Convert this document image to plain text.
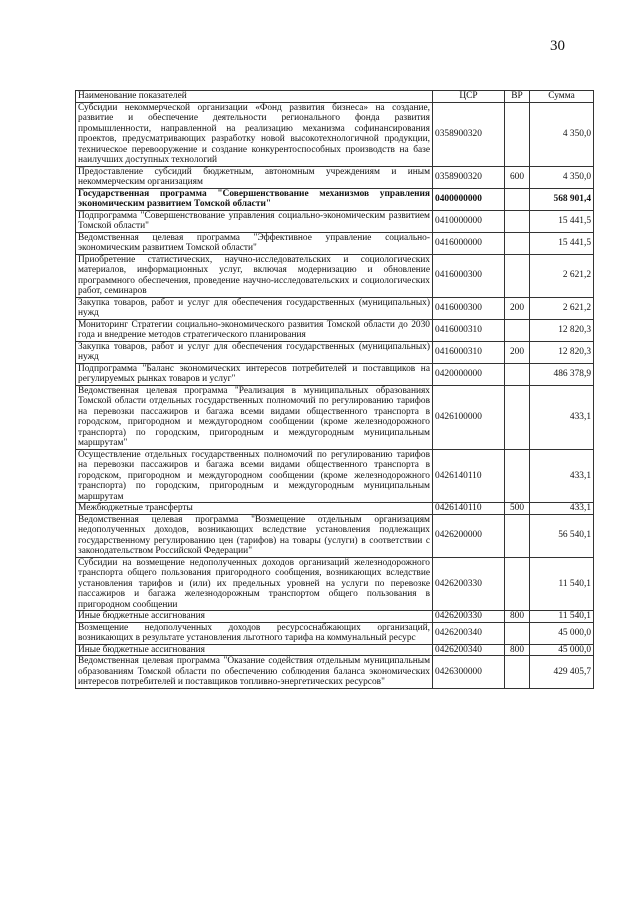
30
Наименование показателей	ЦСР	ВР	Сумма
Субсидии некоммерческой организации «Фонд развития бизнеса» на создание, развитие и обеспечение деятельности регионального фонда развития промышленности, направленной на реализацию механизма софинансирования проектов, предусматривающих разработку новой высокотехнологичной продукции, техническое перевооружение и создание конкурентоспособных производств на базе наилучших доступных технологий	0358900320		4 350,0
Предоставление субсидий бюджетным, автономным учреждениям и иным некоммерческим организациям	0358900320	600	4 350,0
Государственная программа "Совершенствование механизмов управления экономическим развитием Томской области"	0400000000		568 901,4
Подпрограмма "Совершенствование управления социально-экономическим развитием Томской области"	0410000000		15 441,5
Ведомственная целевая программа "Эффективное управление социально-экономическим развитием Томской области"	0416000000		15 441,5
Приобретение статистических, научно-исследовательских и социологических материалов, информационных услуг, включая модернизацию и обновление программного обеспечения, проведение научно-исследовательских и социологических работ, семинаров	0416000300		2 621,2
Закупка товаров, работ и услуг для обеспечения государственных (муниципальных) нужд	0416000300	200	2 621,2
Мониторинг Стратегии социально-экономического развития Томской области до 2030 года и внедрение методов стратегического планирования	0416000310		12 820,3
Закупка товаров, работ и услуг для обеспечения государственных (муниципальных) нужд	0416000310	200	12 820,3
Подпрограмма "Баланс экономических интересов потребителей и поставщиков на регулируемых рынках товаров и услуг"	0420000000		486 378,9
Ведомственная целевая программа "Реализация в муниципальных образованиях Томской области отдельных государственных полномочий по регулированию тарифов на перевозки пассажиров и багажа всеми видами общественного транспорта в городском, пригородном и междугородном сообщении (кроме железнодорожного транспорта) по городским, пригородным и междугородным муниципальным маршрутам"	0426100000		433,1
Осуществление отдельных государственных полномочий по регулированию тарифов на перевозки пассажиров и багажа всеми видами общественного транспорта в городском, пригородном и междугородном сообщении (кроме железнодорожного транспорта) по городским, пригородным и междугородным муниципальным маршрутам	0426140110		433,1
Межбюджетные трансферты	0426140110	500	433,1
Ведомственная целевая программа "Возмещение отдельным организациям недополученных доходов, возникающих вследствие установления подлежащих государственному регулированию цен (тарифов) на товары (услуги) в соответствии с законодательством Российской Федерации"	0426200000		56 540,1
Субсидии на возмещение недополученных доходов организаций железнодорожного транспорта общего пользования пригородного сообщения, возникающих вследствие установления тарифов и (или) их предельных уровней на услуги по перевозке пассажиров и багажа железнодорожным транспортом общего пользования в пригородном сообщении	0426200330		11 540,1
Иные бюджетные ассигнования	0426200330	800	11 540,1
Возмещение недополученных доходов ресурсоснабжающих организаций, возникающих в результате установления льготного тарифа на коммунальный ресурс	0426200340		45 000,0
Иные бюджетные ассигнования	0426200340	800	45 000,0
Ведомственная целевая программа "Оказание содействия отдельным муниципальным образованиям Томской области по обеспечению соблюдения баланса экономических интересов потребителей и поставщиков топливно-энергетических ресурсов"	0426300000		429 405,7
